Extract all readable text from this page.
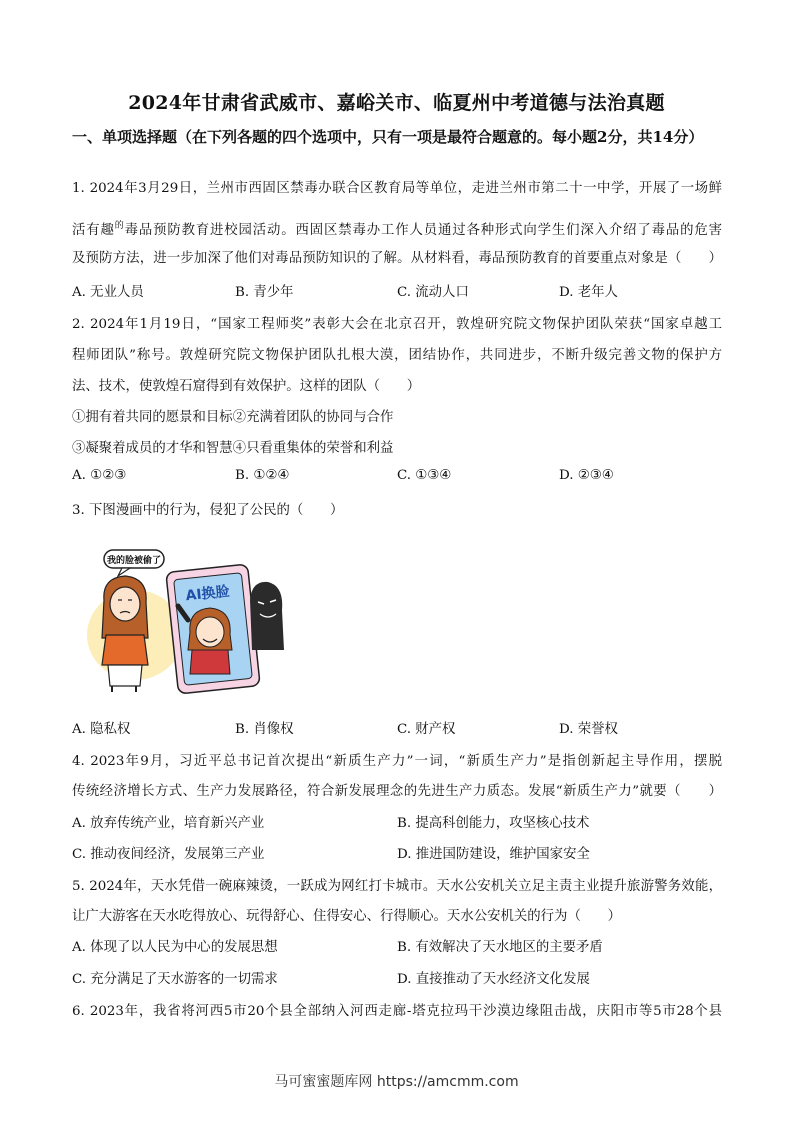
2024年甘肃省武威市、嘉峪关市、临夏州中考道德与法治真题
一、单项选择题（在下列各题的四个选项中，只有一项是最符合题意的。每小题2分，共14分）
1. 2024年3月29日，兰州市西固区禁毒办联合区教育局等单位，走进兰州市第二十一中学，开展了一场鲜
活有趣$^的$毒品预防教育进校园活动。西固区禁毒办工作人员通过各种形式向学生们深入介绍了毒品的危害
及预防方法，进一步加深了他们对毒品预防知识的了解。从材料看，毒品预防教育的首要重点对象是（　　）
A. 无业人员	B. 青少年	C. 流动人口	D. 老年人
2. 2024年1月19日，“国家工程师奖”表彰大会在北京召开，敦煌研究院文物保护团队荣获“国家卓越工
程师团队”称号。敦煌研究院文物保护团队扎根大漠，团结协作，共同进步，不断升级完善文物的保护方
法、技术，使敦煌石窟得到有效保护。这样的团队（　　）
①拥有着共同的愿景和目标②充满着团队的协同与合作
③凝聚着成员的才华和智慧④只看重集体的荣誉和利益
A. ①②③	B. ①②④	C. ①③④	D. ②③④
3. 下图漫画中的行为，侵犯了公民的（　　）
我的脸被偷了
AI换脸
A. 隐私权	B. 肖像权	C. 财产权	D. 荣誉权
4. 2023年9月，习近平总书记首次提出“新质生产力”一词，“新质生产力”是指创新起主导作用，摆脱
传统经济增长方式、生产力发展路径，符合新发展理念的先进生产力质态。发展“新质生产力”就要（　　）
A. 放弃传统产业，培育新兴产业	B. 提高科创能力，攻坚核心技术
C. 推动夜间经济，发展第三产业	D. 推进国防建设，维护国家安全
5. 2024年，天水凭借一碗麻辣烫，一跃成为网红打卡城市。天水公安机关立足主责主业提升旅游警务效能，
让广大游客在天水吃得放心、玩得舒心、住得安心、行得顺心。天水公安机关的行为（　　）
A. 体现了以人民为中心的发展思想	B. 有效解决了天水地区的主要矛盾
C. 充分满足了天水游客的一切需求	D. 直接推动了天水经济文化发展
6. 2023年，我省将河西5市20个县全部纳入河西走廊-塔克拉玛干沙漠边缘阻击战，庆阳市等5市28个县
马可蜜蜜题库网 https://amcmm.com
